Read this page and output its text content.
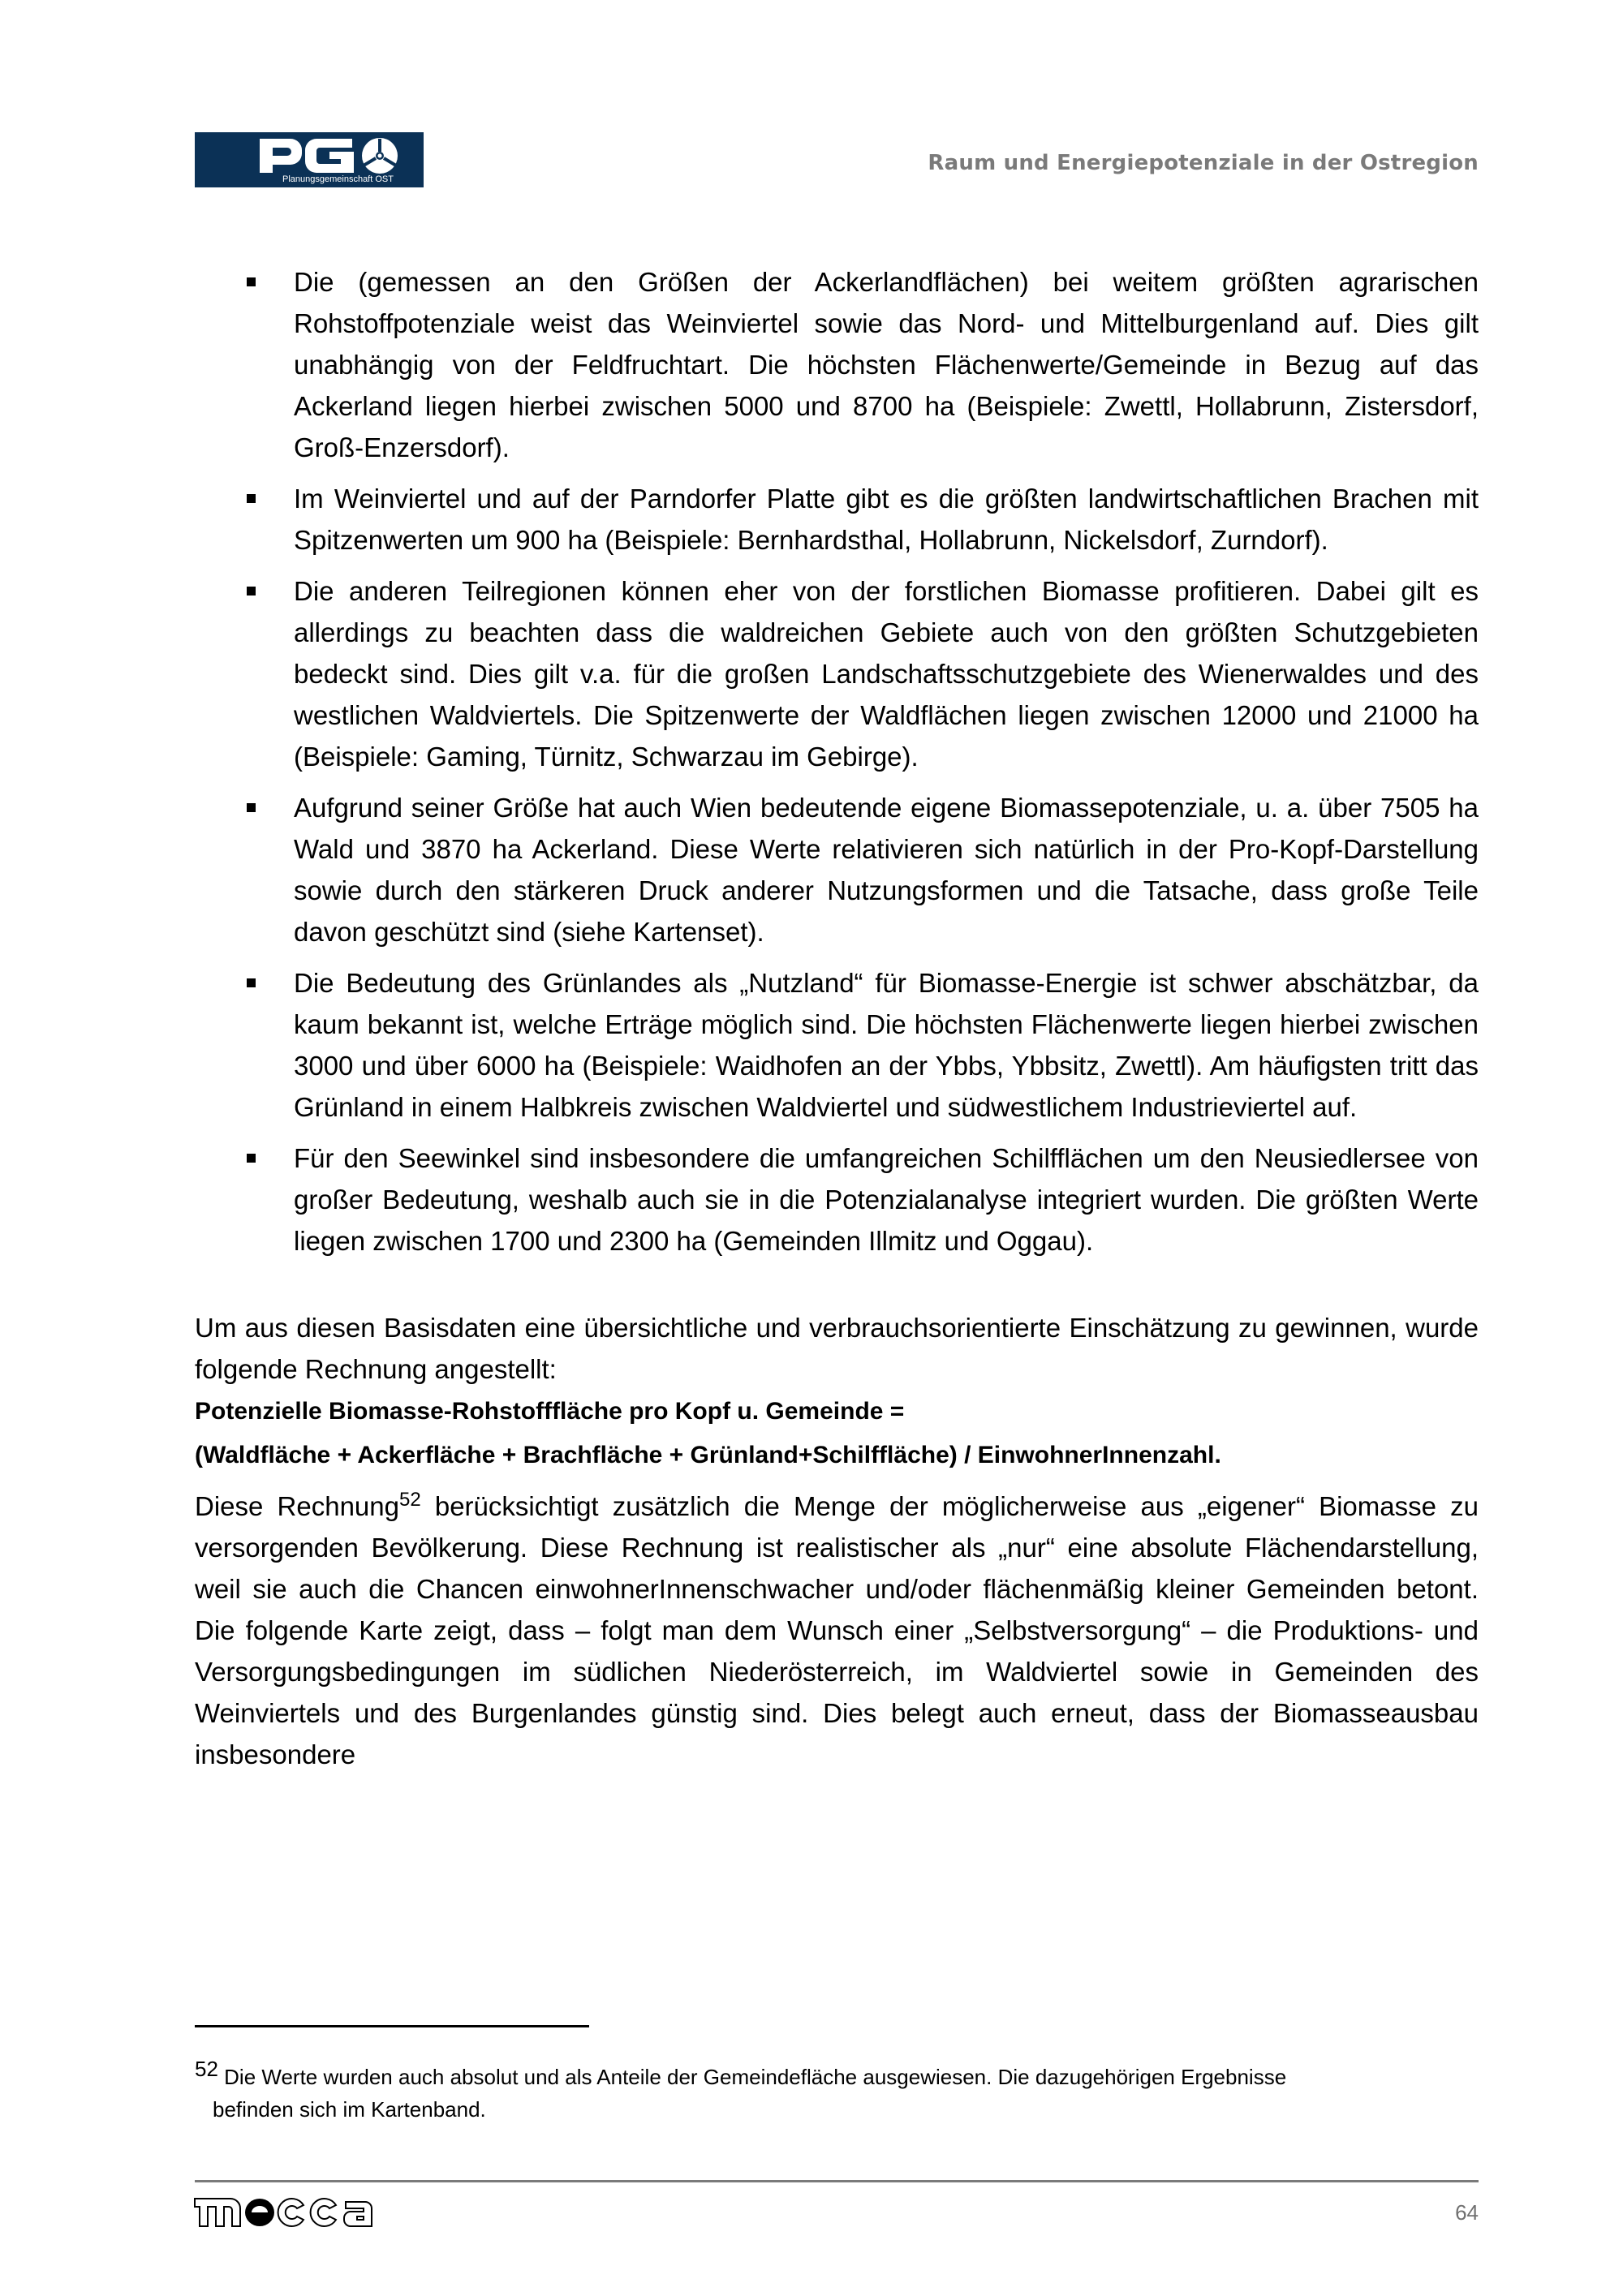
Planungsgemeinschaft OST
Raum und Energiepotenziale in der Ostregion
Die (gemessen an den Größen der Ackerlandflächen) bei weitem größten agrarischen Rohstoffpotenziale weist das Weinviertel sowie das Nord- und Mittelburgenland auf. Dies gilt unabhängig von der Feldfruchtart. Die höchsten Flächenwerte/Gemeinde in Bezug auf das Ackerland liegen hierbei zwischen 5000 und 8700 ha (Beispiele: Zwettl, Hollabrunn, Zistersdorf, Groß-Enzersdorf).
Im Weinviertel und auf der Parndorfer Platte gibt es die größten landwirtschaftlichen Brachen mit Spitzenwerten um 900 ha (Beispiele: Bernhardsthal, Hollabrunn, Nickelsdorf, Zurndorf).
Die anderen Teilregionen können eher von der forstlichen Biomasse profitieren. Dabei gilt es allerdings zu beachten dass die waldreichen Gebiete auch von den größten Schutzgebieten bedeckt sind. Dies gilt v.a. für die großen Landschaftsschutzgebiete des Wienerwaldes und des westlichen Waldviertels. Die Spitzenwerte der Waldflächen liegen zwischen 12000 und 21000 ha (Beispiele: Gaming, Türnitz, Schwarzau im Gebirge).
Aufgrund seiner Größe hat auch Wien bedeutende eigene Biomassepotenziale, u. a. über 7505 ha Wald und 3870 ha Ackerland. Diese Werte relativieren sich natürlich in der Pro-Kopf-Darstellung sowie durch den stärkeren Druck anderer Nutzungsformen und die Tatsache, dass große Teile davon geschützt sind (siehe Kartenset).
Die Bedeutung des Grünlandes als „Nutzland“ für Biomasse-Energie ist schwer abschätzbar, da kaum bekannt ist, welche Erträge möglich sind. Die höchsten Flächenwerte liegen hierbei zwischen 3000 und über 6000 ha (Beispiele: Waidhofen an der Ybbs, Ybbsitz, Zwettl). Am häufigsten tritt das Grünland in einem Halbkreis zwischen Waldviertel und südwestlichem Industrieviertel auf.
Für den Seewinkel sind insbesondere die umfangreichen Schilfflächen um den Neusiedlersee von großer Bedeutung, weshalb auch sie in die Potenzialanalyse integriert wurden. Die größten Werte liegen zwischen 1700 und 2300 ha (Gemeinden Illmitz und Oggau).

Um aus diesen Basisdaten eine übersichtliche und verbrauchsorientierte Einschätzung zu gewinnen, wurde folgende Rechnung angestellt:

Potenzielle Biomasse-Rohstofffläche pro Kopf u. Gemeinde =

(Waldfläche + Ackerfläche + Brachfläche + Grünland+Schilffläche) / EinwohnerInnenzahl.

Diese Rechnung$^{52}$ berücksichtigt zusätzlich die Menge der möglicherweise aus „eigener“ Biomasse zu versorgenden Bevölkerung. Diese Rechnung ist realistischer als „nur“ eine absolute Flächendarstellung, weil sie auch die Chancen einwohnerInnenschwacher und/oder flächenmäßig kleiner Gemeinden betont. Die folgende Karte zeigt, dass – folgt man dem Wunsch einer „Selbstversorgung“ – die Produktions- und Versorgungsbedingungen im südlichen Niederösterreich, im Waldviertel sowie in Gemeinden des Weinviertels und des Burgenlandes günstig sind. Dies belegt auch erneut, dass der Biomasseausbau insbesondere

52 Die Werte wurden auch absolut und als Anteile der Gemeindefläche ausgewiesen. Die dazugehörigen Ergebnisse
befinden sich im Kartenband.
64
